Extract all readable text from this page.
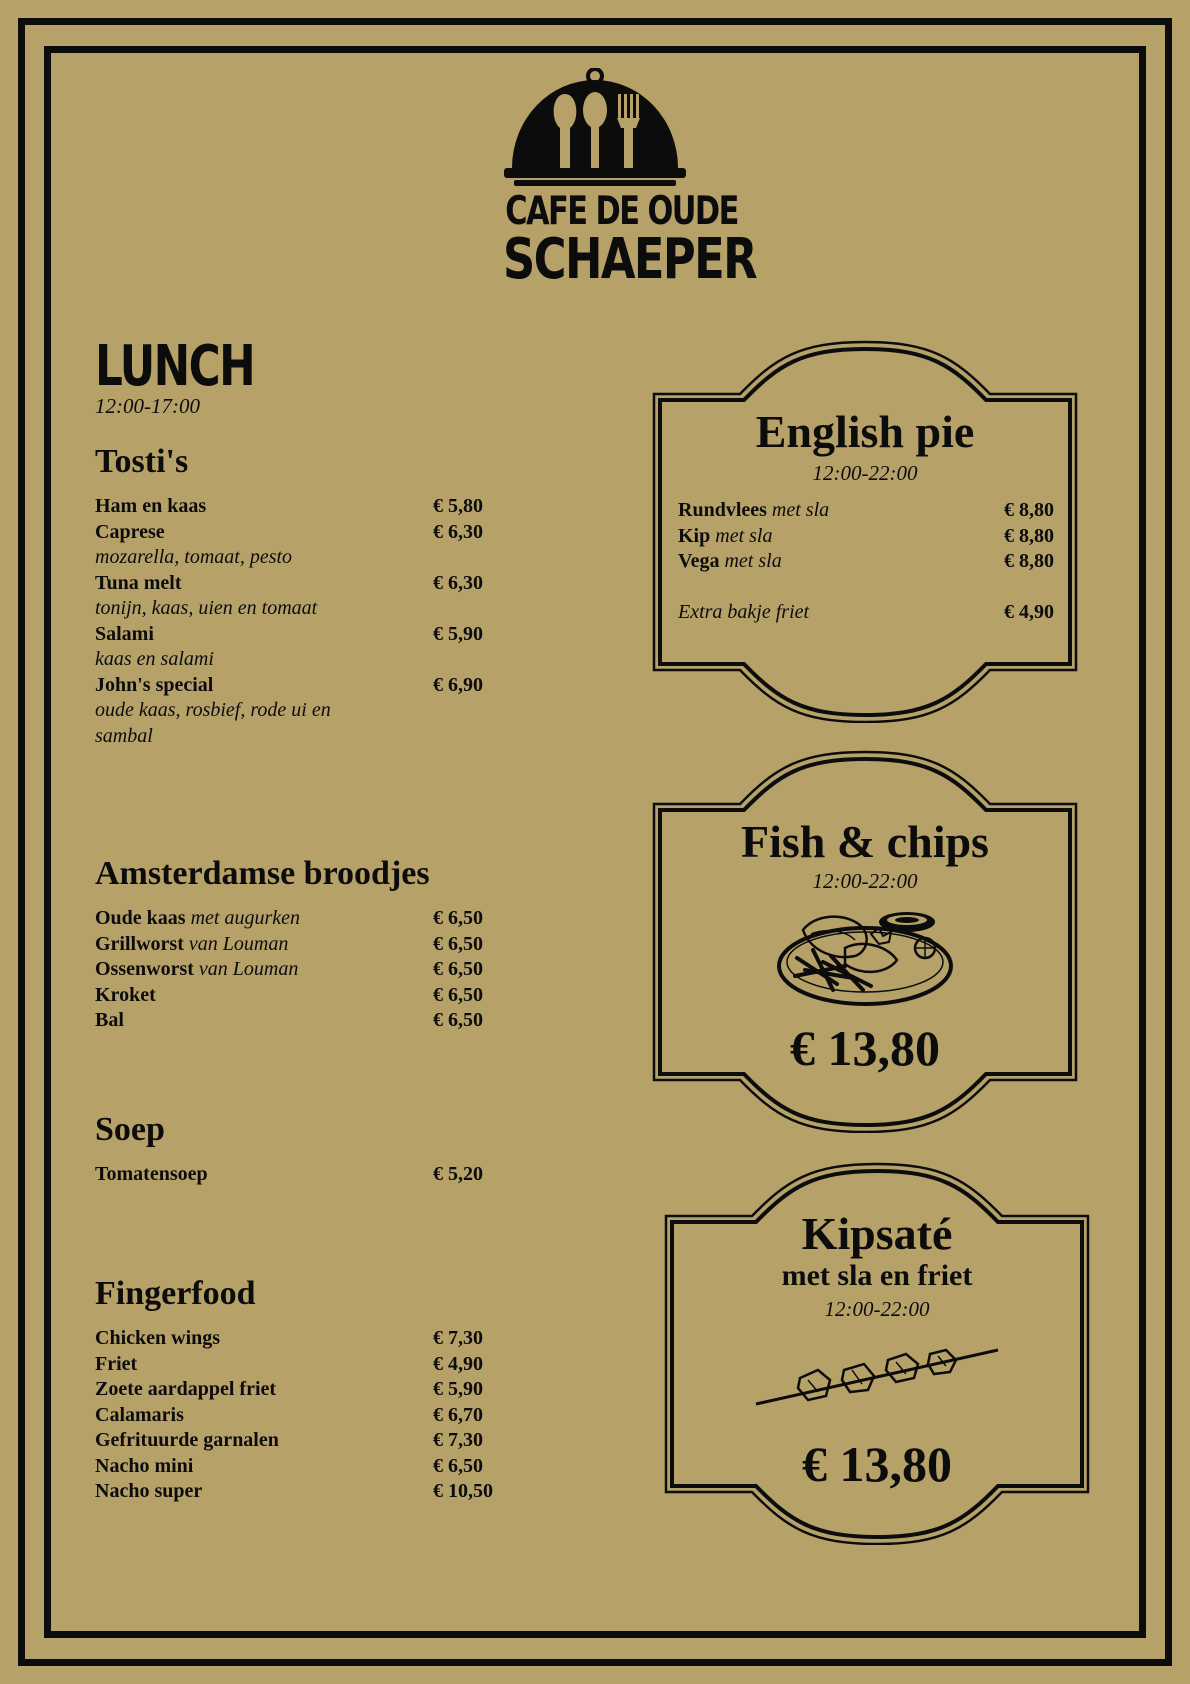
CAFE DE OUDE
SCHAEPER
LUNCH
12:00-17:00
Tosti's
Ham en kaas	€ 5,80
Caprese	€ 6,30
mozarella, tomaat, pesto
Tuna melt	€ 6,30
tonijn, kaas, uien en tomaat
Salami	€ 5,90
kaas en salami
John's special	€ 6,90
oude kaas, rosbief, rode ui en sambal
Amsterdamse broodjes
Oude kaas met augurken	€ 6,50
Grillworst van Louman	€ 6,50
Ossenworst van Louman	€ 6,50
Kroket	€ 6,50
Bal	€ 6,50
Soep
Tomatensoep	€ 5,20
Fingerfood
Chicken wings	€ 7,30
Friet	€ 4,90
Zoete aardappel friet	€ 5,90
Calamaris	€ 6,70
Gefrituurde garnalen	€ 7,30
Nacho mini	€ 6,50
Nacho super	€ 10,50
English pie
12:00-22:00
Rundvlees met sla	€ 8,80
Kip met sla	€ 8,80
Vega met sla	€ 8,80
Extra bakje friet	€ 4,90
Fish & chips
12:00-22:00
€ 13,80
Kipsaté
met sla en friet
12:00-22:00
€ 13,80
